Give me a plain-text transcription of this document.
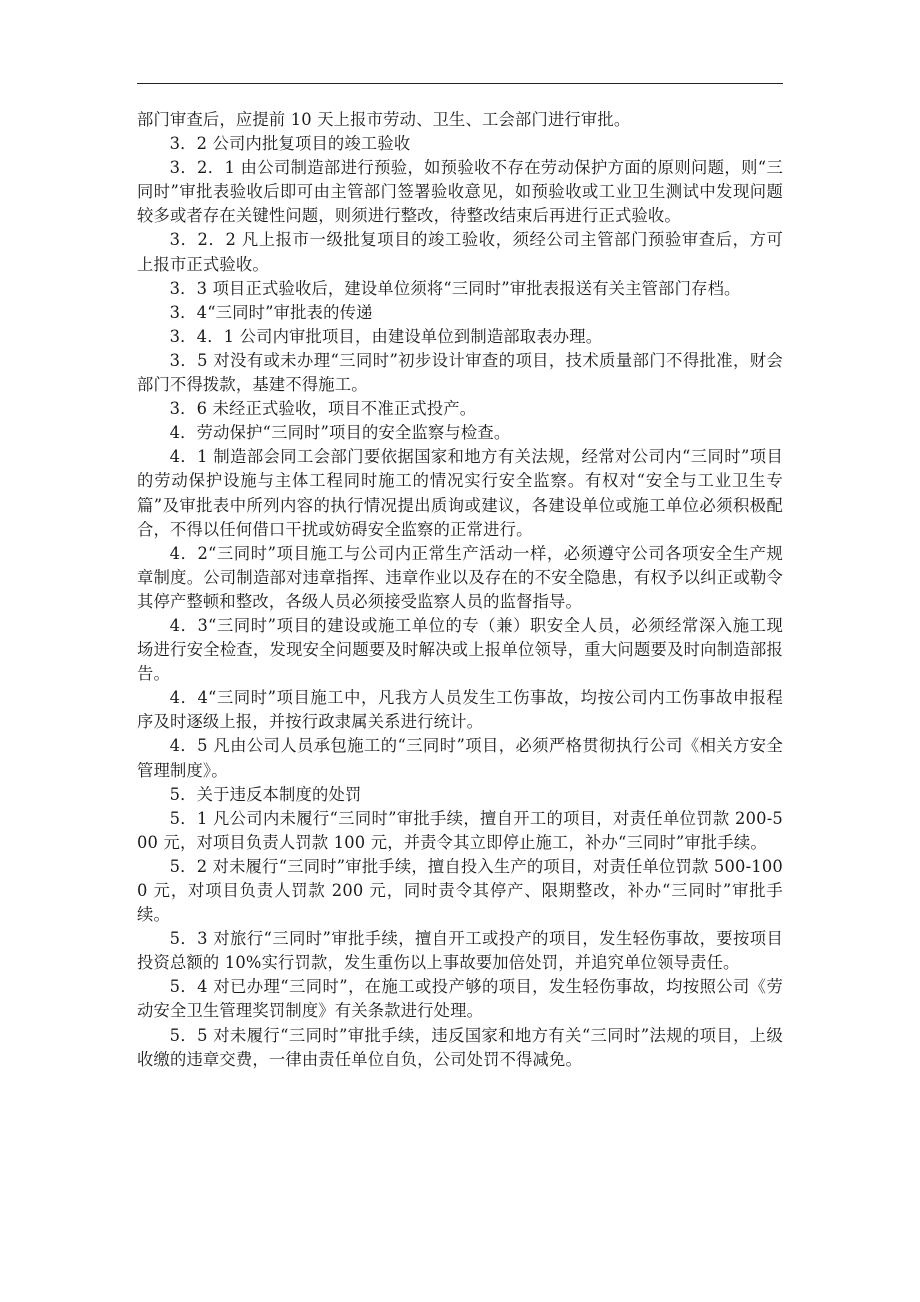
部门审查后，应提前 10 天上报市劳动、卫生、工会部门进行审批。

3．2 公司内批复项目的竣工验收

3．2．1 由公司制造部进行预验，如预验收不存在劳动保护方面的原则问题，则“三同时”审批表验收后即可由主管部门签署验收意见，如预验收或工业卫生测试中发现问题较多或者存在关键性问题，则须进行整改，待整改结束后再进行正式验收。

3．2．2 凡上报市一级批复项目的竣工验收，须经公司主管部门预验审查后，方可上报市正式验收。

3．3 项目正式验收后，建设单位须将“三同时”审批表报送有关主管部门存档。

3．4“三同时”审批表的传递

3．4．1 公司内审批项目，由建设单位到制造部取表办理。

3．5 对没有或未办理“三同时”初步设计审查的项目，技术质量部门不得批准，财会部门不得拨款，基建不得施工。

3．6 未经正式验收，项目不准正式投产。

4．劳动保护“三同时”项目的安全监察与检查。

4．1 制造部会同工会部门要依据国家和地方有关法规，经常对公司内“三同时”项目的劳动保护设施与主体工程同时施工的情况实行安全监察。有权对“安全与工业卫生专篇”及审批表中所列内容的执行情况提出质询或建议，各建设单位或施工单位必须积极配合，不得以任何借口干扰或妨碍安全监察的正常进行。

4．2“三同时”项目施工与公司内正常生产活动一样，必须遵守公司各项安全生产规章制度。公司制造部对违章指挥、违章作业以及存在的不安全隐患，有权予以纠正或勒令其停产整顿和整改，各级人员必须接受监察人员的监督指导。

4．3“三同时”项目的建设或施工单位的专（兼）职安全人员，必须经常深入施工现场进行安全检查，发现安全问题要及时解决或上报单位领导，重大问题要及时向制造部报告。

4．4“三同时”项目施工中，凡我方人员发生工伤事故，均按公司内工伤事故申报程序及时逐级上报，并按行政隶属关系进行统计。

4．5 凡由公司人员承包施工的“三同时”项目，必须严格贯彻执行公司《相关方安全管理制度》。

5．关于违反本制度的处罚

5．1 凡公司内未履行“三同时”审批手续，擅自开工的项目，对责任单位罚款 200-500 元，对项目负责人罚款 100 元，并责令其立即停止施工，补办“三同时”审批手续。

5．2 对未履行“三同时”审批手续，擅自投入生产的项目，对责任单位罚款 500-1000 元，对项目负责人罚款 200 元，同时责令其停产、限期整改，补办“三同时”审批手续。

5．3 对旅行“三同时”审批手续，擅自开工或投产的项目，发生轻伤事故，要按项目投资总额的 10%实行罚款，发生重伤以上事故要加倍处罚，并追究单位领导责任。

5．4 对已办理“三同时”，在施工或投产够的项目，发生轻伤事故，均按照公司《劳动安全卫生管理奖罚制度》有关条款进行处理。

5．5 对未履行“三同时”审批手续，违反国家和地方有关“三同时”法规的项目，上级收缴的违章交费，一律由责任单位自负，公司处罚不得减免。
